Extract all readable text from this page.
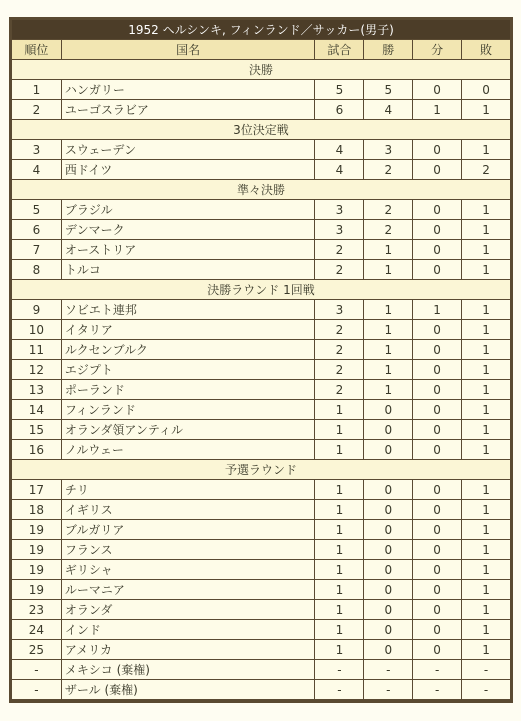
1952 ヘルシンキ, フィンランド／サッカー(男子)					
順位	国名	試合	勝	分	敗
決勝					
1	ハンガリー	5	5	0	0
2	ユーゴスラビア	6	4	1	1
3位決定戦					
3	スウェーデン	4	3	0	1
4	西ドイツ	4	2	0	2
準々決勝					
5	ブラジル	3	2	0	1
6	デンマーク	3	2	0	1
7	オーストリア	2	1	0	1
8	トルコ	2	1	0	1
決勝ラウンド 1回戦					
9	ソビエト連邦	3	1	1	1
10	イタリア	2	1	0	1
11	ルクセンブルク	2	1	0	1
12	エジプト	2	1	0	1
13	ポーランド	2	1	0	1
14	フィンランド	1	0	0	1
15	オランダ領アンティル	1	0	0	1
16	ノルウェー	1	0	0	1
予選ラウンド					
17	チリ	1	0	0	1
18	イギリス	1	0	0	1
19	ブルガリア	1	0	0	1
19	フランス	1	0	0	1
19	ギリシャ	1	0	0	1
19	ルーマニア	1	0	0	1
23	オランダ	1	0	0	1
24	インド	1	0	0	1
25	アメリカ	1	0	0	1
-	メキシコ (棄権)	-	-	-	-
-	ザール (棄権)	-	-	-	-
